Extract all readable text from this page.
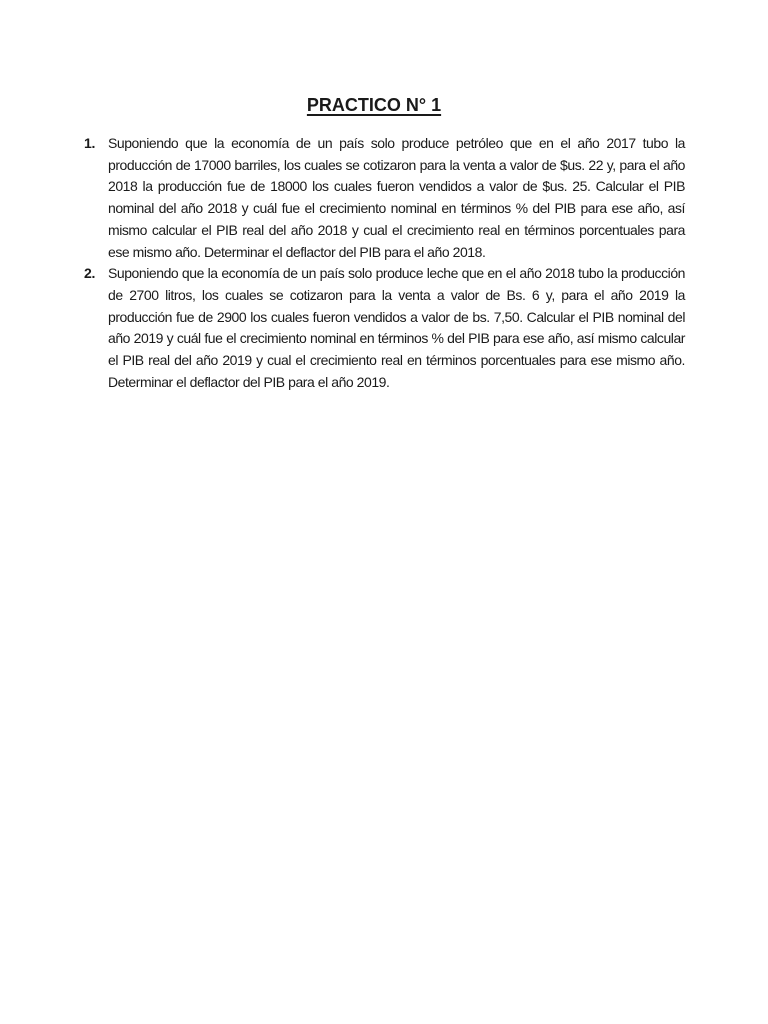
PRACTICO N° 1
1. Suponiendo que la economía de un país solo produce petróleo que en el año 2017 tubo la producción de 17000 barriles, los cuales se cotizaron para la venta a valor de $us. 22 y, para el año 2018 la producción fue de 18000 los cuales fueron vendidos a valor de $us. 25. Calcular el PIB nominal del año 2018 y cuál fue el crecimiento nominal en términos % del PIB para ese año, así mismo calcular el PIB real del año 2018 y cual el crecimiento real en términos porcentuales para ese mismo año. Determinar el deflactor del PIB para el año 2018.
2. Suponiendo que la economía de un país solo produce leche que en el año 2018 tubo la producción de 2700 litros, los cuales se cotizaron para la venta a valor de Bs. 6 y, para el año 2019 la producción fue de 2900 los cuales fueron vendidos a valor de bs. 7,50. Calcular el PIB nominal del año 2019 y cuál fue el crecimiento nominal en términos % del PIB para ese año, así mismo calcular el PIB real del año 2019 y cual el crecimiento real en términos porcentuales para ese mismo año. Determinar el deflactor del PIB para el año 2019.
